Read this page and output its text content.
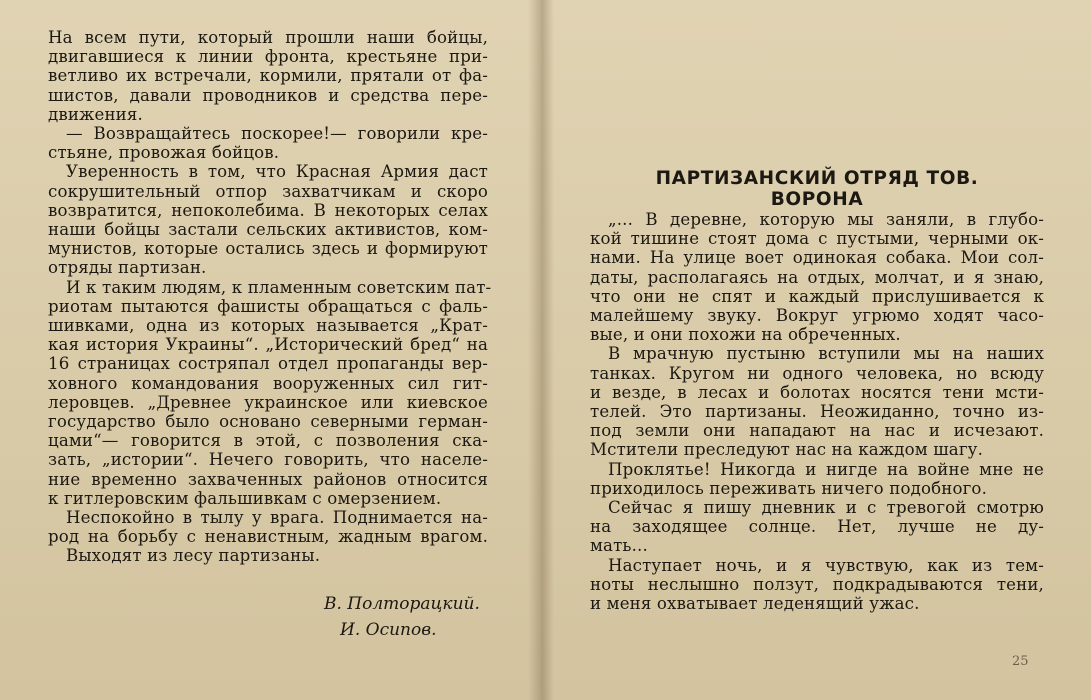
На всем пути, который прошли наши бойцы,
двигавшиеся к линии фронта, крестьяне при-
ветливо их встречали, кормили, прятали от фа-
шистов, давали проводников и средства пере-
движения.
— Возвращайтесь поскорее!— говорили кре-
стьяне, провожая бойцов.
Уверенность в том, что Красная Армия даст
сокрушительный отпор захватчикам и скоро
возвратится, непоколебима. В некоторых селах
наши бойцы застали сельских активистов, ком-
мунистов, которые остались здесь и формируют
отряды партизан.
И к таким людям, к пламенным советским пат-
риотам пытаются фашисты обращаться с фаль-
шивками, одна из которых называется „Крат-
кая история Украины“. „Исторический бред“ на
16 страницах состряпал отдел пропаганды вер-
ховного командования вооруженных сил гит-
леровцев. „Древнее украинское или киевское
государство было основано северными герман-
цами“— говорится в этой, с позволения ска-
зать, „истории“. Нечего говорить, что населе-
ние временно захваченных районов относится
к гитлеровским фальшивкам с омерзением.
Неспокойно в тылу у врага. Поднимается на-
род на борьбу с ненавистным, жадным врагом.
Выходят из лесу партизаны.
В. Полторацкий.
И. Осипов.
ПАРТИЗАНСКИЙ ОТРЯД ТОВ. ВОРОНА
„... В деревне, которую мы заняли, в глубо-
кой тишине стоят дома с пустыми, черными ок-
нами. На улице воет одинокая собака. Мои сол-
даты, располагаясь на отдых, молчат, и я знаю,
что они не спят и каждый прислушивается к
малейшему звуку. Вокруг угрюмо ходят часо-
вые, и они похожи на обреченных.
В мрачную пустыню вступили мы на наших
танках. Кругом ни одного человека, но всюду
и везде, в лесах и болотах носятся тени мсти-
телей. Это партизаны. Неожиданно, точно из-
под земли они нападают на нас и исчезают.
Мстители преследуют нас на каждом шагу.
Проклятье! Никогда и нигде на войне мне не
приходилось переживать ничего подобного.
Сейчас я пишу дневник и с тревогой смотрю
на заходящее солнце. Нет, лучше не ду-
мать...
Наступает ночь, и я чувствую, как из тем-
ноты неслышно ползут, подкрадываются тени,
и меня охватывает леденящий ужас.
25
